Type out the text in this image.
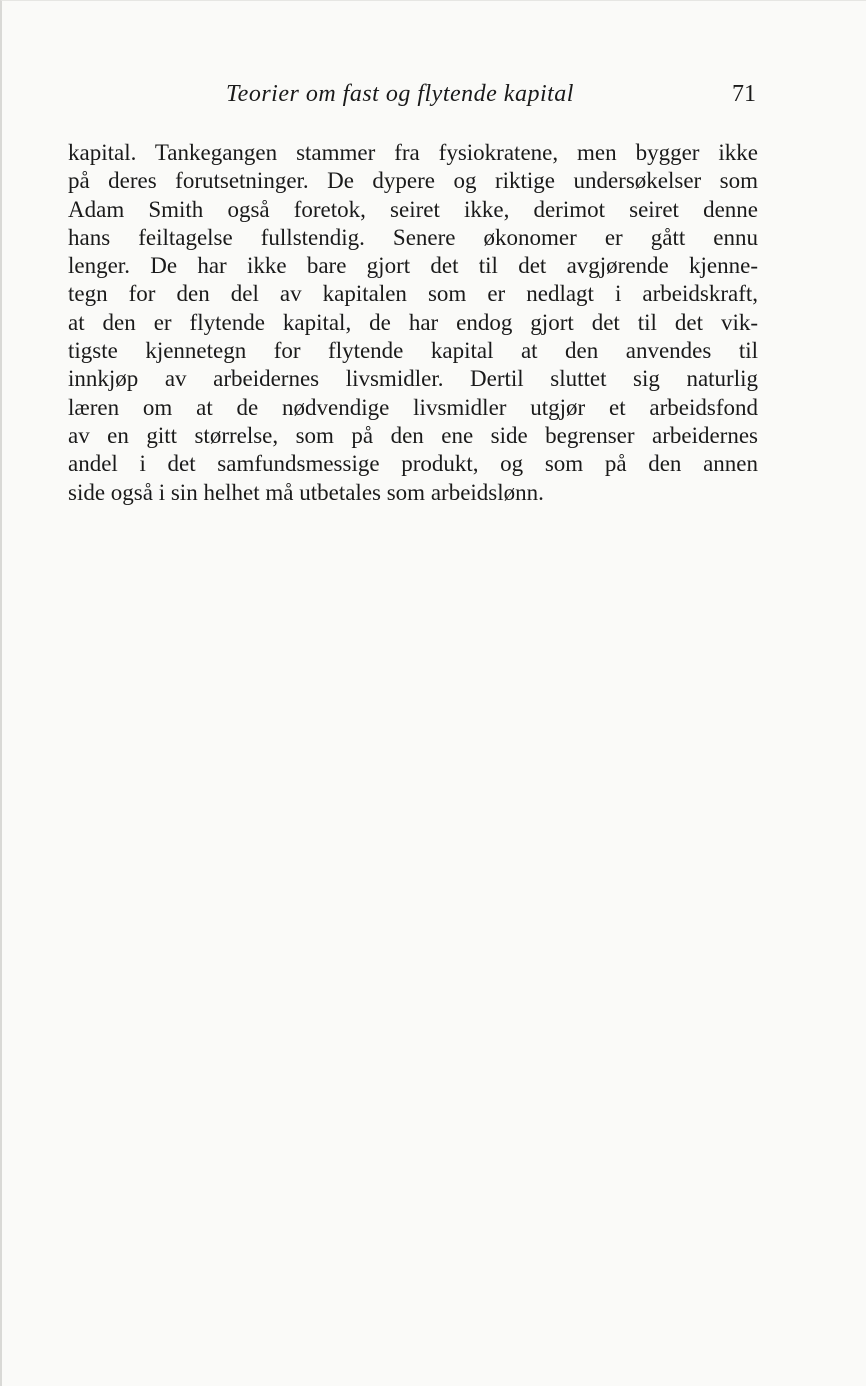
Teorier om fast og flytende kapital	71
kapital. Tankegangen stammer fra fysiokratene, men bygger ikke
på deres forutsetninger. De dypere og riktige undersøkelser som
Adam Smith også foretok, seiret ikke, derimot seiret denne
hans feiltagelse fullstendig. Senere økonomer er gått ennu
lenger. De har ikke bare gjort det til det avgjørende kjenne-
tegn for den del av kapitalen som er nedlagt i arbeidskraft,
at den er flytende kapital, de har endog gjort det til det vik-
tigste kjennetegn for flytende kapital at den anvendes til
innkjøp av arbeidernes livsmidler. Dertil sluttet sig naturlig
læren om at de nødvendige livsmidler utgjør et arbeidsfond
av en gitt størrelse, som på den ene side begrenser arbeidernes
andel i det samfundsmessige produkt, og som på den annen
side også i sin helhet må utbetales som arbeidslønn.
